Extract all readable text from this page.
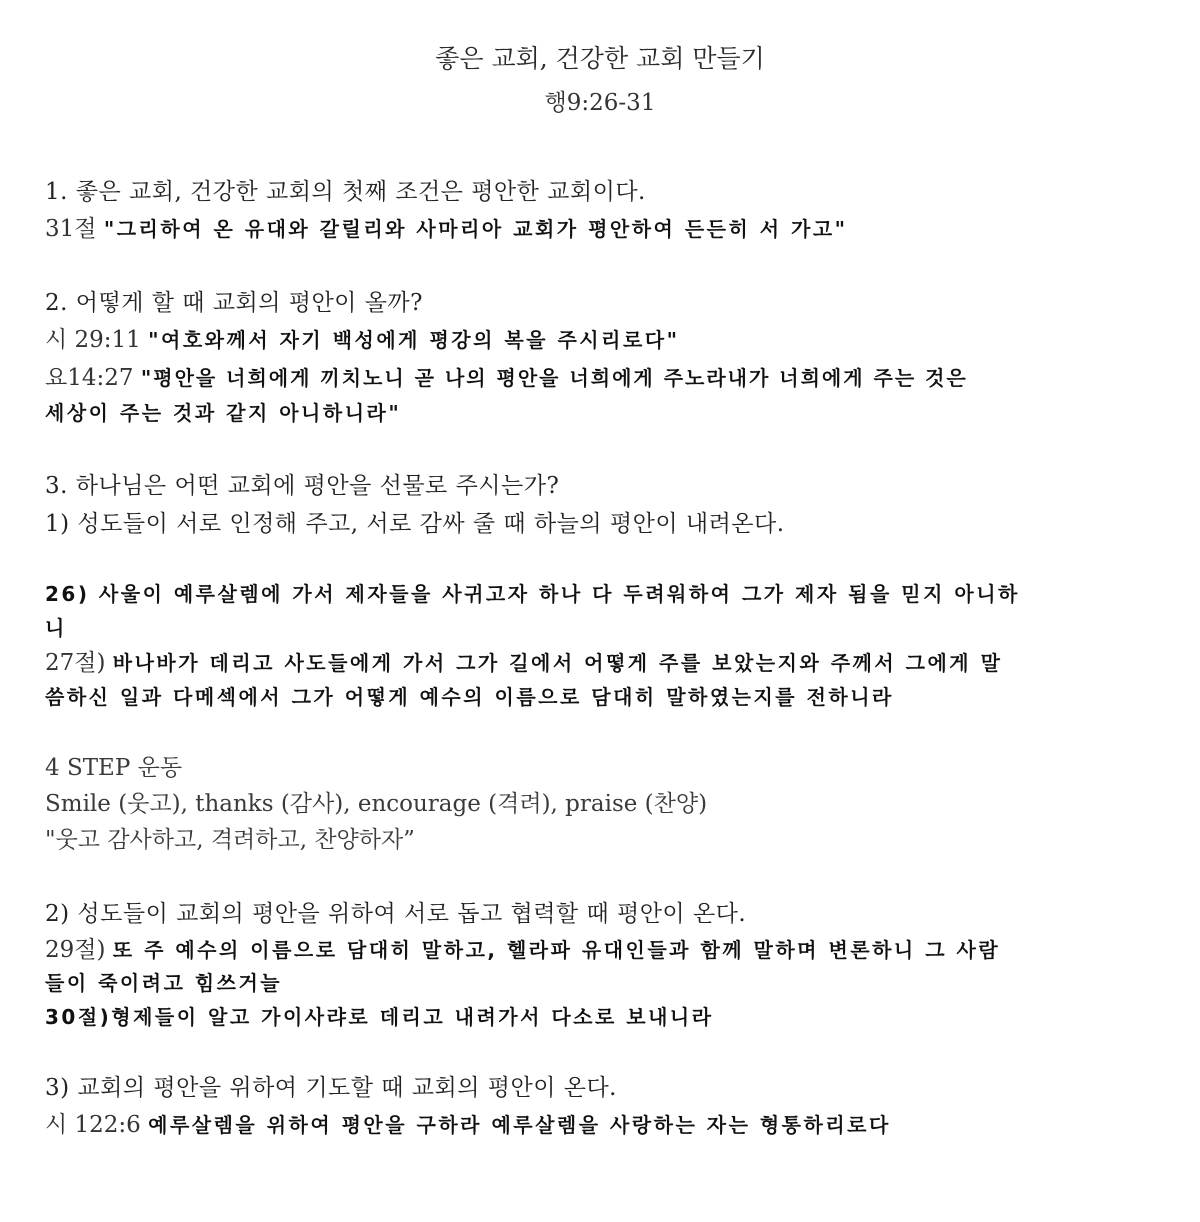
좋은 교회, 건강한 교회 만들기
행9:26-31
1. 좋은 교회, 건강한 교회의 첫째 조건은 평안한 교회이다.
31절 "그리하여 온 유대와 갈릴리와 사마리아 교회가 평안하여 든든히 서 가고"
2. 어떻게 할 때 교회의 평안이 올까?
시 29:11 "여호와께서 자기 백성에게 평강의 복을 주시리로다"
요14:27 "평안을 너희에게 끼치노니 곧 나의 평안을 너희에게 주노라내가 너희에게 주는 것은
세상이 주는 것과 같지 아니하니라"
3. 하나님은 어떤 교회에 평안을 선물로 주시는가?
1) 성도들이 서로 인정해 주고, 서로 감싸 줄 때 하늘의 평안이 내려온다.
26) 사울이 예루살렘에 가서 제자들을 사귀고자 하나 다 두려워하여 그가 제자 됨을 믿지 아니하
니
27절) 바나바가 데리고 사도들에게 가서 그가 길에서 어떻게 주를 보았는지와 주께서 그에게 말
씀하신 일과 다메섹에서 그가 어떻게 예수의 이름으로 담대히 말하였는지를 전하니라
4 STEP 운동
Smile (웃고), thanks (감사), encourage (격려), praise (찬양)
"웃고 감사하고, 격려하고, 찬양하자”
2) 성도들이 교회의 평안을 위하여 서로 돕고 협력할 때 평안이 온다.
29절) 또 주 예수의 이름으로 담대히 말하고, 헬라파 유대인들과 함께 말하며 변론하니 그 사람
들이 죽이려고 힘쓰거늘
30절)형제들이 알고 가이사랴로 데리고 내려가서 다소로 보내니라
3) 교회의 평안을 위하여 기도할 때 교회의 평안이 온다.
시 122:6 예루살렘을 위하여 평안을 구하라 예루살렘을 사랑하는 자는 형통하리로다
